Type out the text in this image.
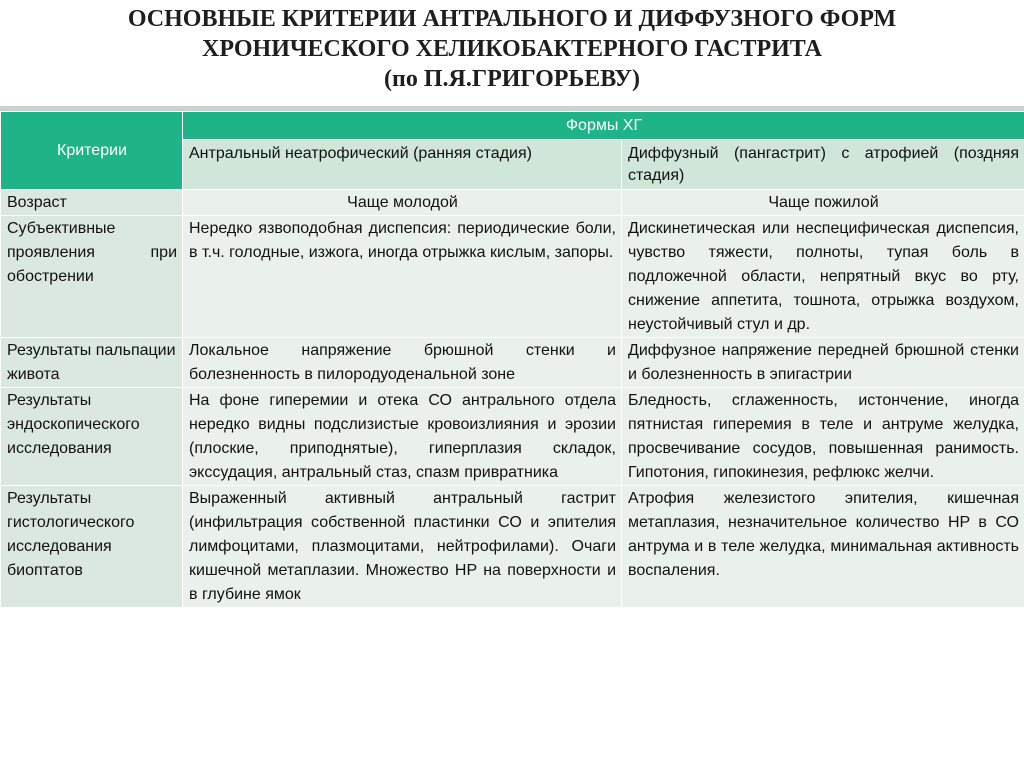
ОСНОВНЫЕ КРИТЕРИИ АНТРАЛЬНОГО И ДИФФУЗНОГО ФОРМ
ХРОНИЧЕСКОГО ХЕЛИКОБАКТЕРНОГО ГАСТРИТА
(по П.Я.ГРИГОРЬЕВУ)
Критерии	Формы ХГ	
	Антральный неатрофический (ранняя стадия)	Диффузный (пангастрит) с атрофией (поздняя стадия)
Возраст	Чаще молодой	Чаще пожилой
Субъективные проявления при обострении	Нередко язвоподобная диспепсия: периодические боли, в т.ч. голодные, изжога, иногда отрыжка кислым, запоры.	Дискинетическая или неспецифическая диспепсия, чувство тяжести, полноты, тупая боль в подложечной области, непрятный вкус во рту, снижение аппетита, тошнота, отрыжка воздухом, неустойчивый стул и др.
Результаты пальпации живота	Локальное напряжение брюшной стенки и болезненность в пилородуоденальной зоне	Диффузное напряжение передней брюшной стенки и болезненность в эпигастрии
Результаты эндоскопического исследования	На фоне гиперемии и отека СО антрального отдела нередко видны подслизистые кровоизлияния и эрозии (плоские, приподнятые), гиперплазия складок, экссудация, антральный стаз, спазм привратника	Бледность, сглаженность, истончение, иногда пятнистая гиперемия в теле и антруме желудка, просвечивание сосудов, повышенная ранимость. Гипотония, гипокинезия, рефлюкс желчи.
Результаты гистологического исследования биоптатов	Выраженный активный антральный гастрит (инфильтрация собственной пластинки СО и эпителия лимфоцитами, плазмоцитами, нейтрофилами). Очаги кишечной метаплазии. Множество HP на поверхности и в глубине ямок	Атрофия железистого эпителия, кишечная метаплазия, незначительное количество HP в СО антрума и в теле желудка, минимальная активность воспаления.
